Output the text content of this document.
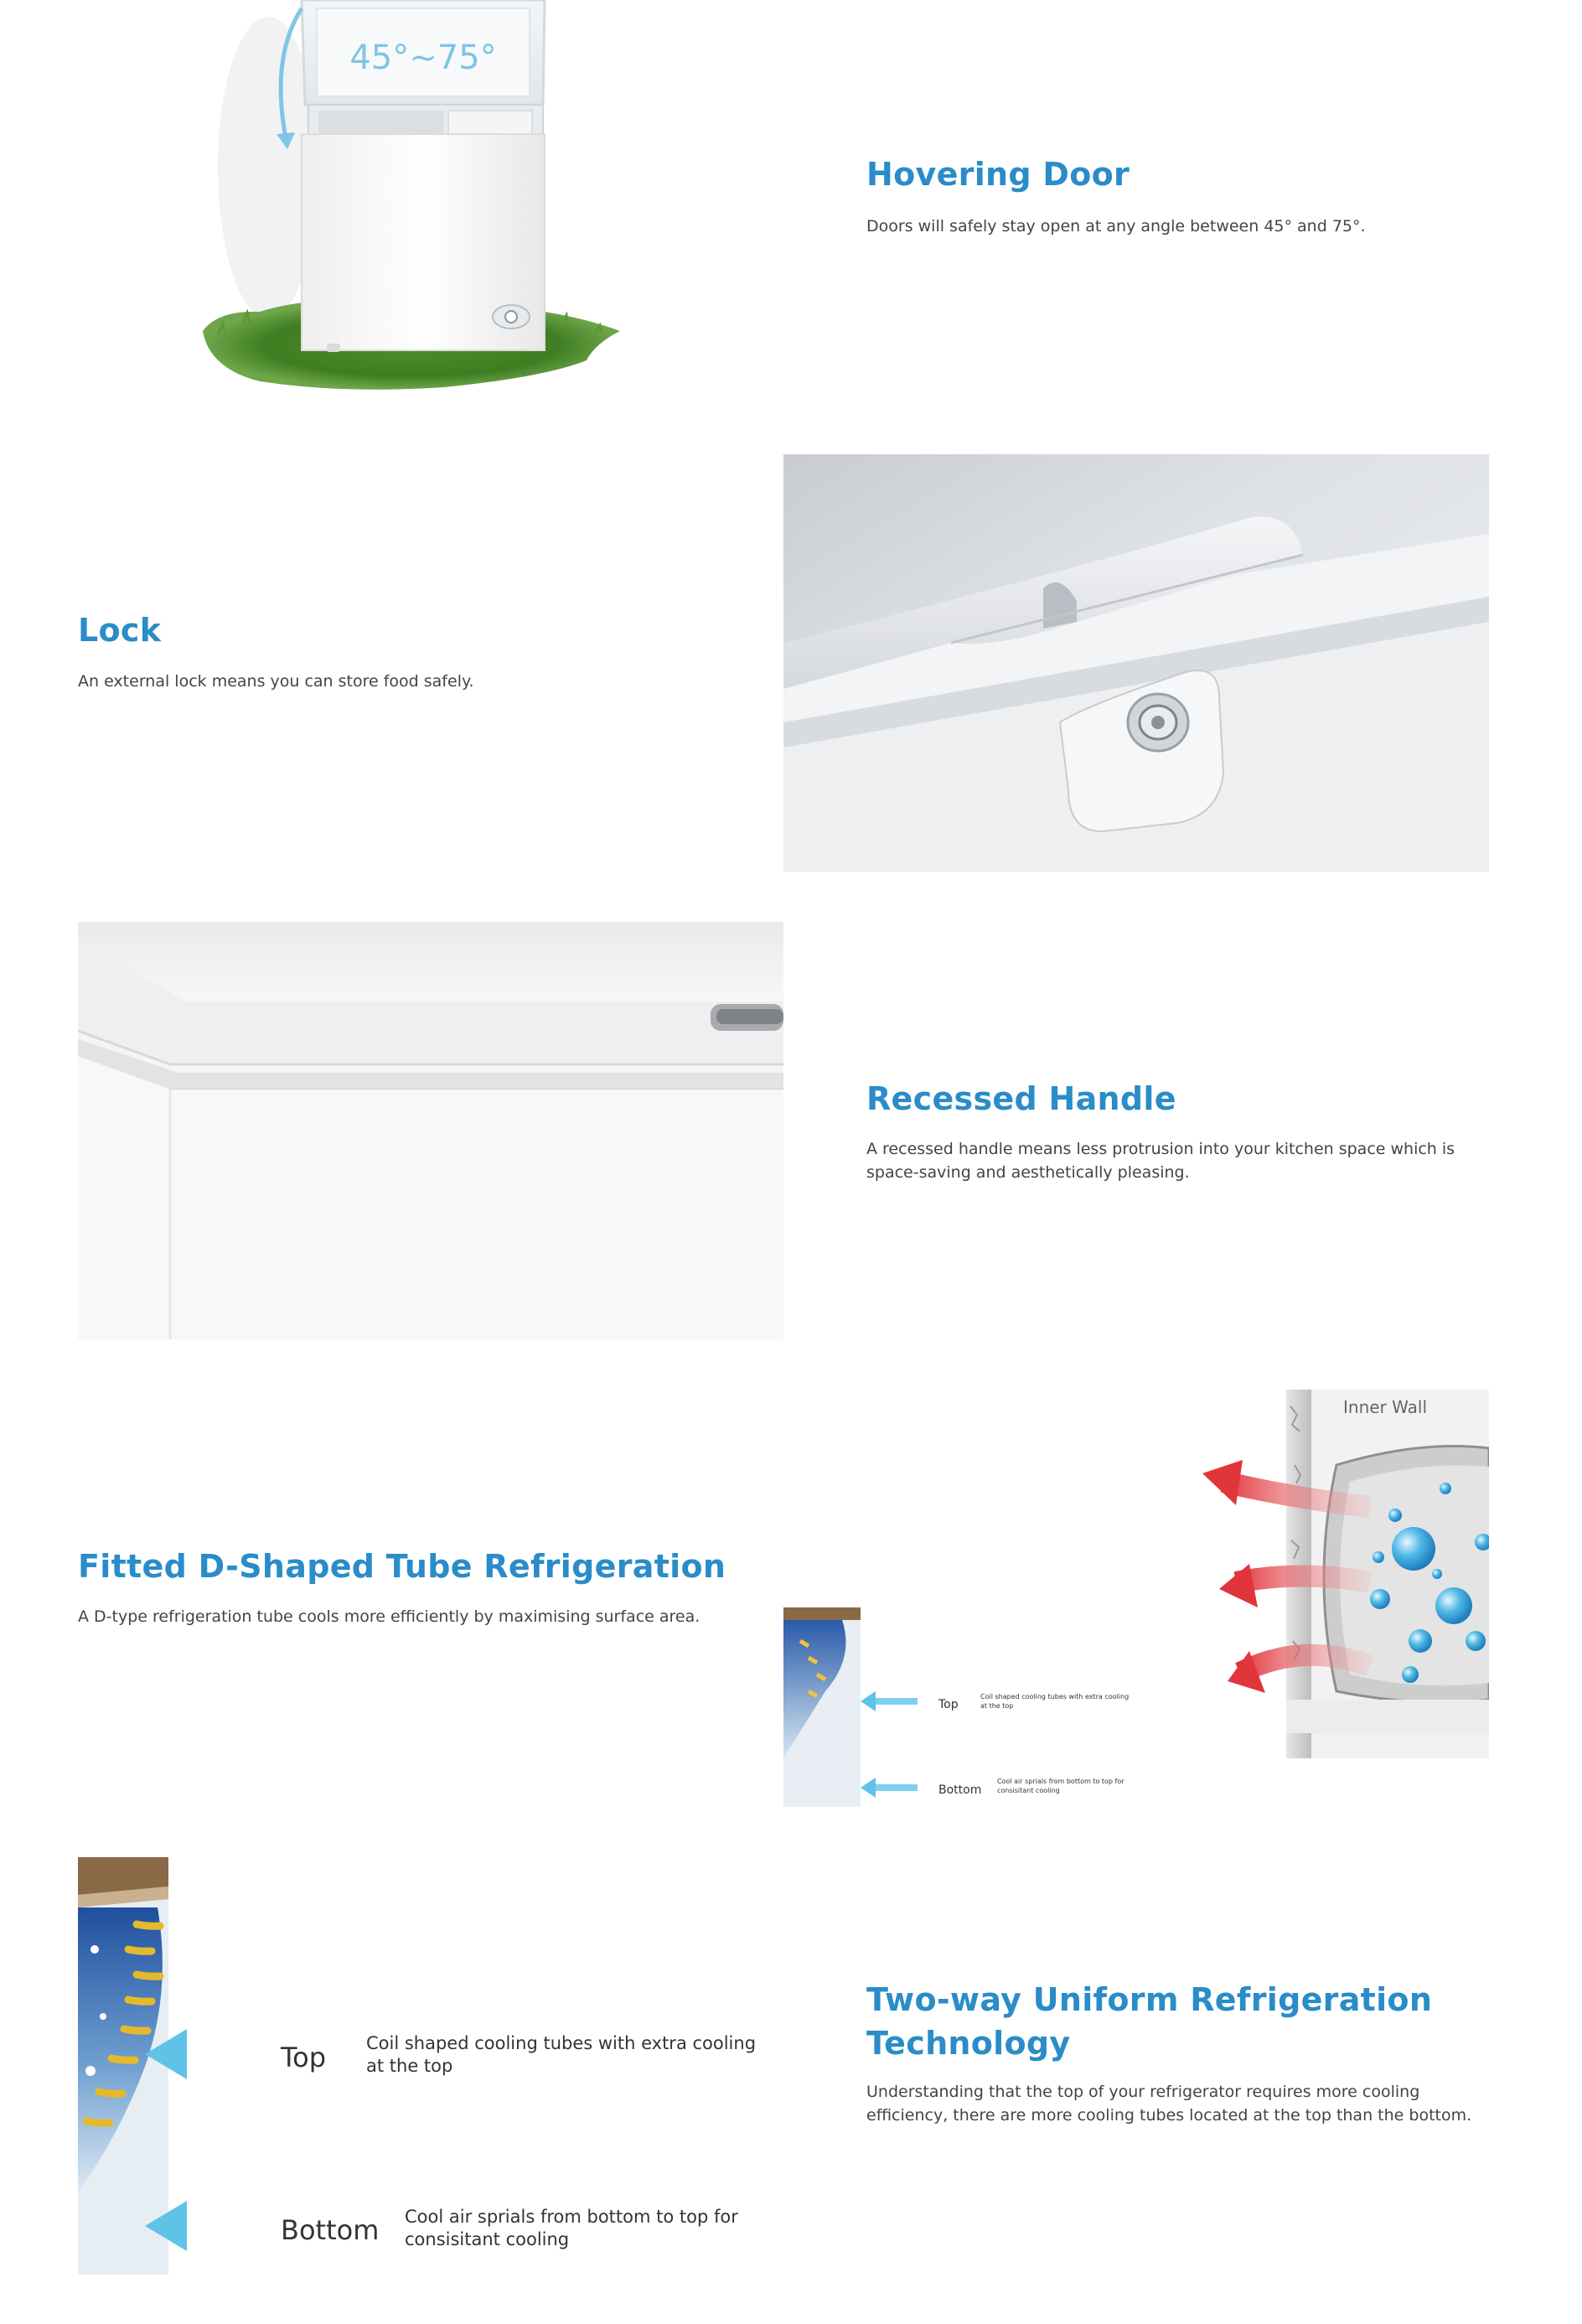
45°~75°
Hovering Door
Doors will safely stay open at any angle between 45° and 75°.
Lock
An external lock means you can store food safely.
Recessed Handle
A recessed handle means less protrusion into your kitchen space which is space-saving and aesthetically pleasing.
Fitted D-Shaped Tube Refrigeration
A D-type refrigeration tube cools more efficiently by maximising surface area.
Inner Wall
Top
Coil shaped cooling tubes with extra cooling
at the top
Bottom
Cool air sprials from bottom to top for
consisitant cooling
Top Coil shaped cooling tubes with extra cooling
at the top
Bottom Cool air sprials from bottom to top for
consisitant cooling
Two-way Uniform Refrigeration
Technology
Understanding that the top of your refrigerator requires more cooling efficiency, there are more cooling tubes located at the top than the bottom.
